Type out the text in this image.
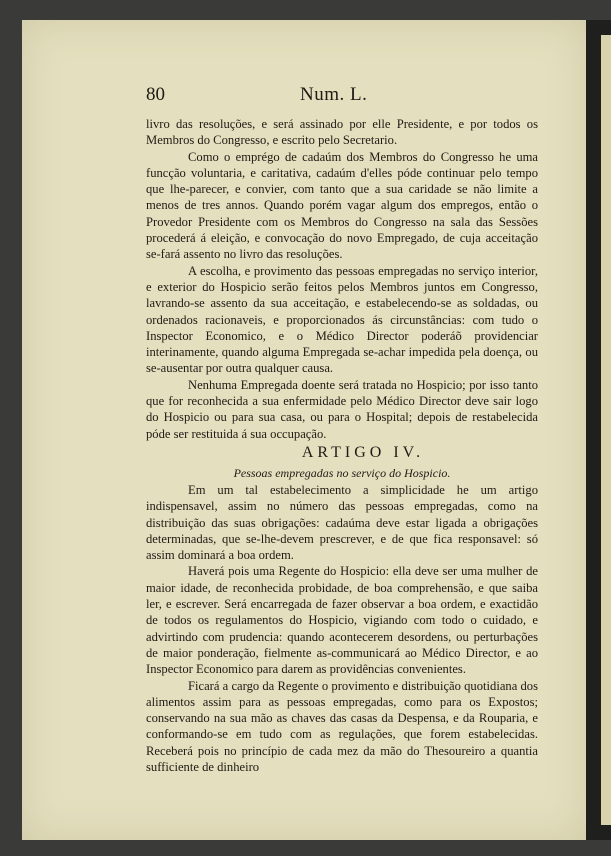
80	Num. L.

livro das resoluções, e será assinado por elle Presidente, e por todos os Membros do Congresso, e escrito pelo Secretario.

Como o emprégo de cadaúm dos Membros do Congresso he uma funcção voluntaria, e caritativa, cadaúm d'elles póde continuar pelo tempo que lhe-parecer, e convier, com tanto que a sua caridade se não limite a menos de tres annos. Quando porém vagar algum dos empregos, então o Provedor Presidente com os Membros do Congresso na sala das Sessões procederá á eleição, e convocação do novo Empregado, de cuja acceitação se-fará assento no livro das resoluções.

A escolha, e provimento das pessoas empregadas no serviço interior, e exterior do Hospicio serão feitos pelos Membros juntos em Congresso, lavrando-se assento da sua acceitação, e estabelecendo-se as soldadas, ou ordenados racionaveis, e proporcionados ás circunstâncias: com tudo o Inspector Economico, e o Médico Director poderáõ providenciar interinamente, quando alguma Empregada se-achar impedida pela doença, ou se-ausentar por outra qualquer causa.

Nenhuma Empregada doente será tratada no Hospicio; por isso tanto que for reconhecida a sua enfermidade pelo Médico Director deve sair logo do Hospicio ou para sua casa, ou para o Hospital; depois de restabelecida póde ser restituida á sua occupação.

ARTIGO IV.

Pessoas empregadas no serviço do Hospicio.

Em um tal estabelecimento a simplicidade he um artigo indispensavel, assim no número das pessoas empregadas, como na distribuição das suas obrigações: cadaúma deve estar ligada a obrigações determinadas, que se-lhe-devem prescrever, e de que fica responsavel: só assim dominará a boa ordem.

Haverá pois uma Regente do Hospicio: ella deve ser uma mulher de maior idade, de reconhecida probidade, de boa comprehensão, e que saiba ler, e escrever. Será encarregada de fazer observar a boa ordem, e exactidão de todos os regulamentos do Hospicio, vigiando com todo o cuidado, e advirtindo com prudencia: quando acontecerem desordens, ou perturbações de maior ponderação, fielmente as-communicará ao Médico Director, e ao Inspector Economico para darem as providências convenientes.

Ficará a cargo da Regente o provimento e distribuição quotidiana dos alimentos assim para as pessoas empregadas, como para os Expostos; conservando na sua mão as chaves das casas da Despensa, e da Rouparia, e conformando-se em tudo com as regulações, que forem estabelecidas. Receberá pois no princípio de cada mez da mão do Thesoureiro a quantia sufficiente de dinheiro
